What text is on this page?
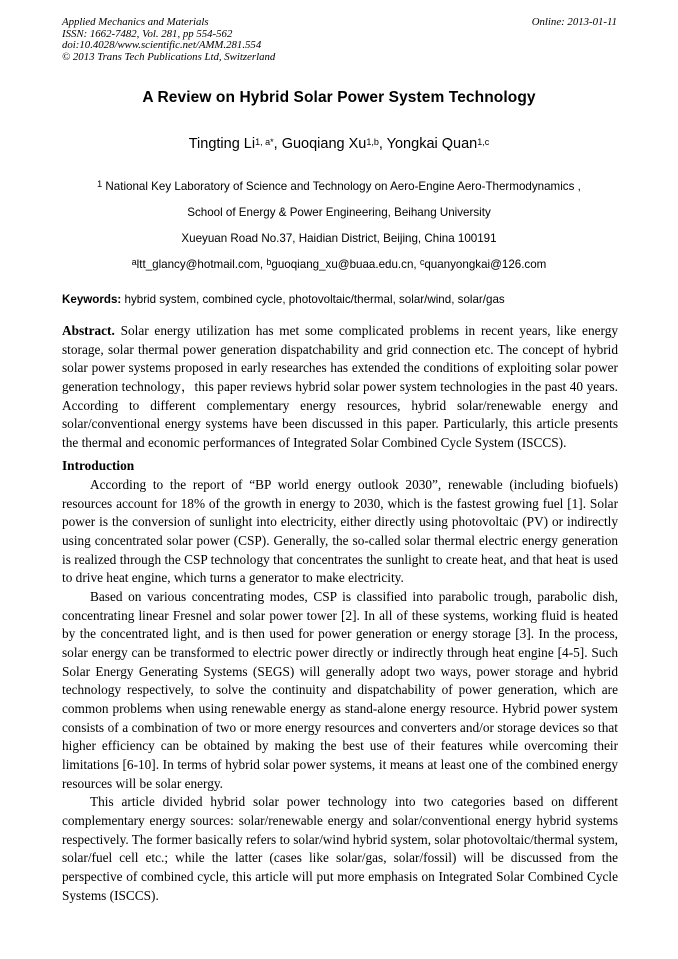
Applied Mechanics and Materials
ISSN: 1662-7482, Vol. 281, pp 554-562
doi:10.4028/www.scientific.net/AMM.281.554
© 2013 Trans Tech Publications Ltd, Switzerland
Online: 2013-01-11
A Review on Hybrid Solar Power System Technology
Tingting $Li^{1, a*}$, Guoqiang Xu$^{1,b}$, Yongkai Quan$^{1,c}$
$^1$ National Key Laboratory of Science and Technology on Aero-Engine Aero-Thermodynamics ,
School of Energy & Power Engineering, Beihang University
Xueyuan Road No.37, Haidian District, Beijing, China 100191
$^a$ltt_glancy@hotmail.com, $^b$guoqiang_xu@buaa.edu.cn, $^c$quanyongkai@126.com
Keywords: hybrid system, combined cycle, photovoltaic/thermal, solar/wind, solar/gas
Abstract. Solar energy utilization has met some complicated problems in recent years, like energy storage, solar thermal power generation dispatchability and grid connection etc. The concept of hybrid solar power systems proposed in early researches has extended the conditions of exploiting solar power generation technology，this paper reviews hybrid solar power system technologies in the past 40 years. According to different complementary energy resources, hybrid solar/renewable energy and solar/conventional energy systems have been discussed in this paper. Particularly, this article presents the thermal and economic performances of Integrated Solar Combined Cycle System (ISCCS).
Introduction

According to the report of “BP world energy outlook 2030”, renewable (including biofuels) resources account for 18% of the growth in energy to 2030, which is the fastest growing fuel [1]. Solar power is the conversion of sunlight into electricity, either directly using photovoltaic (PV) or indirectly using concentrated solar power (CSP). Generally, the so-called solar thermal electric energy generation is realized through the CSP technology that concentrates the sunlight to create heat, and that heat is used to drive heat engine, which turns a generator to make electricity.

Based on various concentrating modes, CSP is classified into parabolic trough, parabolic dish, concentrating linear Fresnel and solar power tower [2]. In all of these systems, working fluid is heated by the concentrated light, and is then used for power generation or energy storage [3]. In the process, solar energy can be transformed to electric power directly or indirectly through heat engine [4-5]. Such Solar Energy Generating Systems (SEGS) will generally adopt two ways, power storage and hybrid technology respectively, to solve the continuity and dispatchability of power generation, which are common problems when using renewable energy as stand-alone energy resource. Hybrid power system consists of a combination of two or more energy resources and converters and/or storage devices so that higher efficiency can be obtained by making the best use of their features while overcoming their limitations [6-10]. In terms of hybrid solar power systems, it means at least one of the combined energy resources will be solar energy.

This article divided hybrid solar power technology into two categories based on different complementary energy sources: solar/renewable energy and solar/conventional energy hybrid systems respectively. The former basically refers to solar/wind hybrid system, solar photovoltaic/thermal system, solar/fuel cell etc.; while the latter (cases like solar/gas, solar/fossil) will be discussed from the perspective of combined cycle, this article will put more emphasis on Integrated Solar Combined Cycle Systems (ISCCS).
